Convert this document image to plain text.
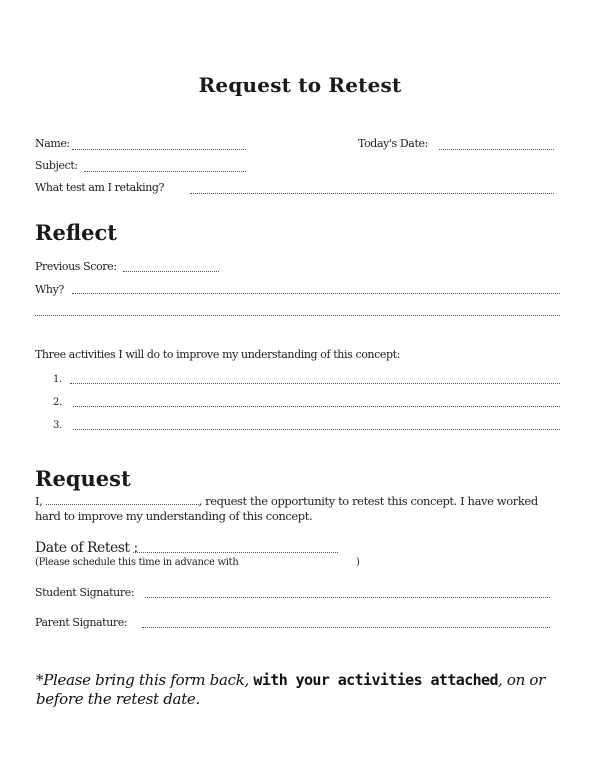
Request to Retest
Name:	Today's Date:
Subject:
What test am I retaking?
Reflect
Previous Score:
Why?
Three activities I will do to improve my understanding of this concept:
1.
2.
3.
Request
I,	, request the opportunity to retest this concept. I have worked hard to improve my understanding of this concept.
Date of Retest :
(Please schedule this time in advance with	)
Student Signature:
Parent Signature:
*Please bring this form back, with your activities attached, on or before the retest date.
